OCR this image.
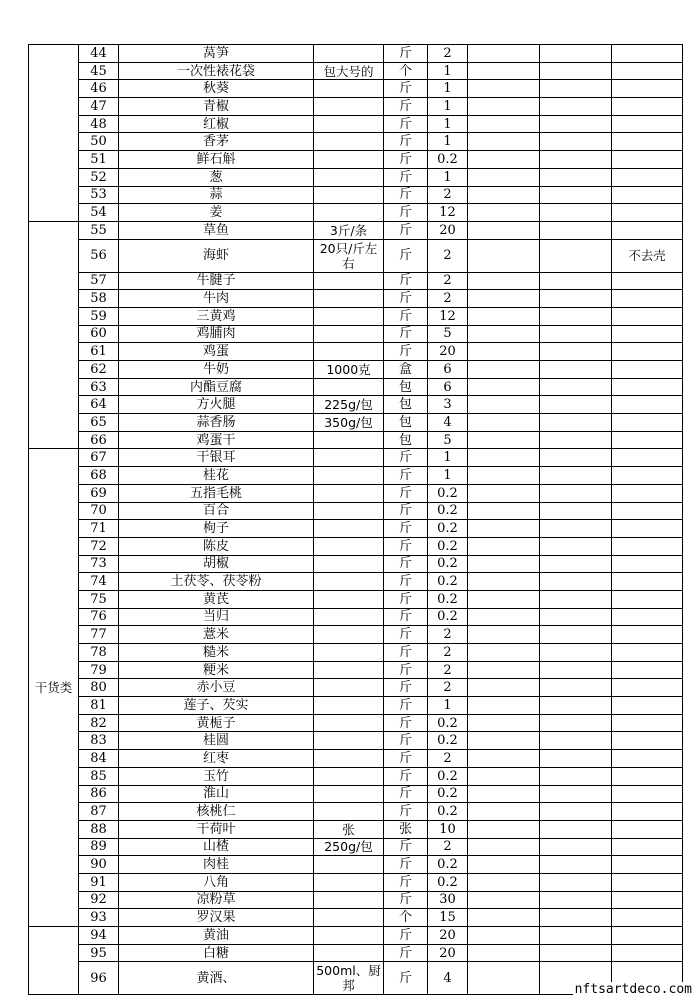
	44	莴笋		斤	2			
	45	一次性裱花袋	包大号的	个	1			
	46	秋葵		斤	1			
	47	青椒		斤	1			
	48	红椒		斤	1			
	50	香茅		斤	1			
	51	鲜石斛		斤	0.2			
	52	葱		斤	1			
	53	蒜		斤	2			
	54	姜		斤	12			
	55	草鱼	3斤/条	斤	20			
	56	海虾	20只/斤左右	斤	2			不去壳
	57	牛腱子		斤	2			
	58	牛肉		斤	2			
	59	三黄鸡		斤	12			
	60	鸡脯肉		斤	5			
	61	鸡蛋		斤	20			
	62	牛奶	1000克	盒	6			
	63	内酯豆腐		包	6			
	64	方火腿	225g/包	包	3			
	65	蒜香肠	350g/包	包	4			
	66	鸡蛋干		包	5			
干货类	67	干银耳		斤	1			
	68	桂花		斤	1			
	69	五指毛桃		斤	0.2			
	70	百合		斤	0.2			
	71	枸子		斤	0.2			
	72	陈皮		斤	0.2			
	73	胡椒		斤	0.2			
	74	土茯苓、茯苓粉		斤	0.2			
	75	黄芪		斤	0.2			
	76	当归		斤	0.2			
	77	薏米		斤	2			
	78	糙米		斤	2			
	79	粳米		斤	2			
	80	赤小豆		斤	2			
	81	莲子、芡实		斤	1			
	82	黄栀子		斤	0.2			
	83	桂圆		斤	0.2			
	84	红枣		斤	2			
	85	玉竹		斤	0.2			
	86	淮山		斤	0.2			
	87	核桃仁		斤	0.2			
	88	干荷叶	张	张	10			
	89	山楂	250g/包	斤	2			
	90	肉桂		斤	0.2			
	91	八角		斤	0.2			
	92	凉粉草		斤	30			
	93	罗汉果		个	15			
	94	黄油		斤	20			
	95	白糖		斤	20			
	96	黄酒、	500ml、厨邦	斤	4			
nftsartdeco.com
